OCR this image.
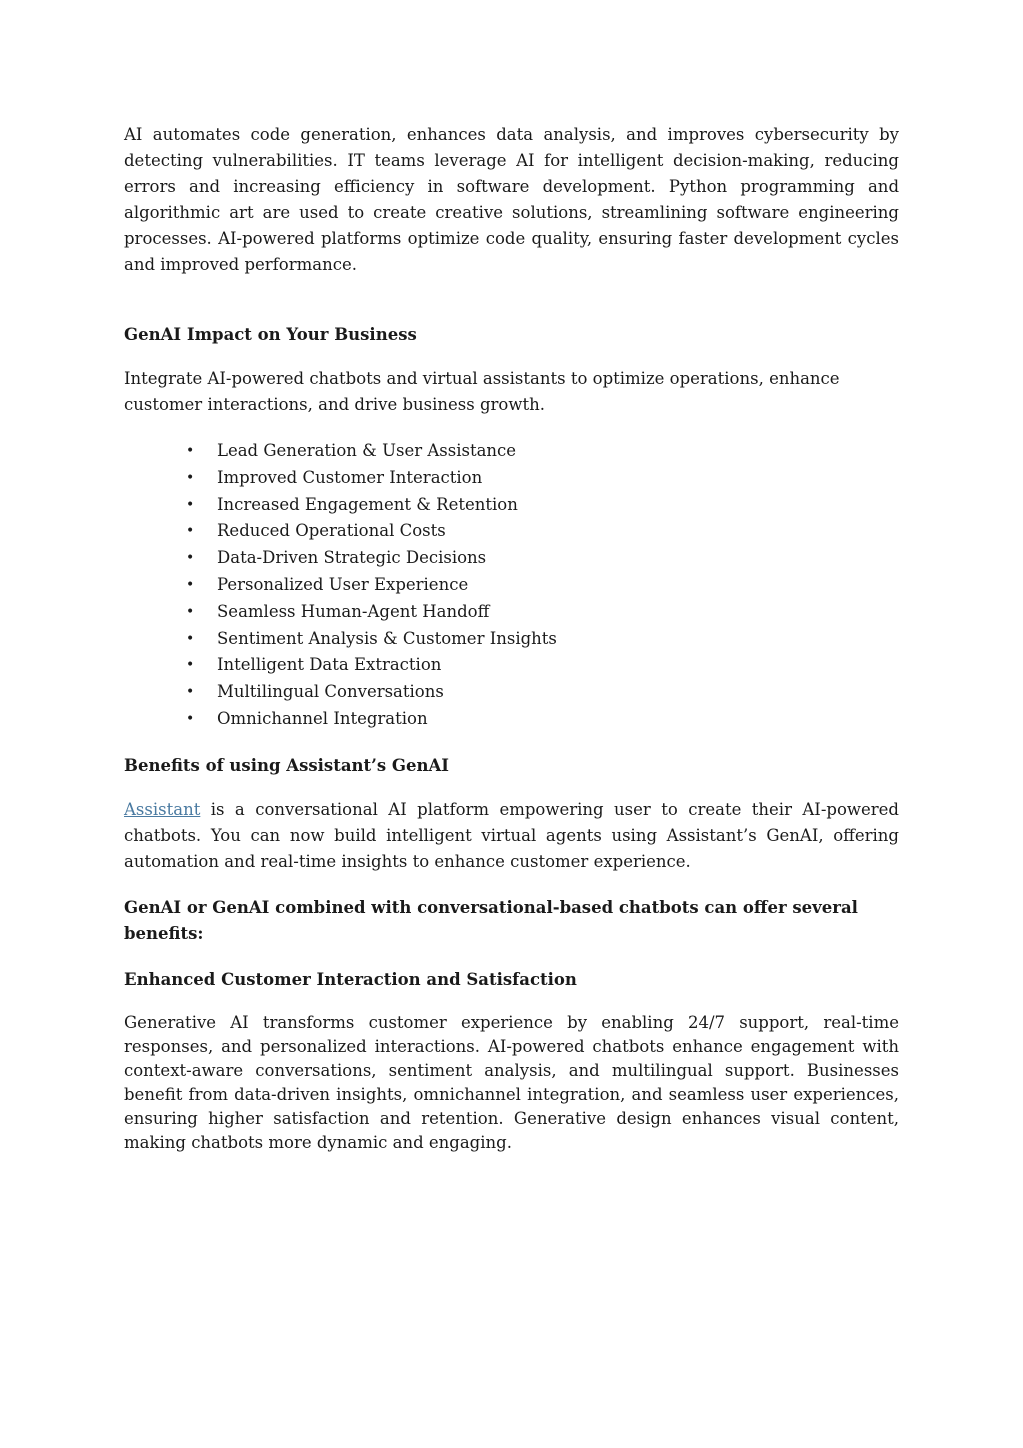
AI automates code generation, enhances data analysis, and improves cybersecurity by detecting vulnerabilities. IT teams leverage AI for intelligent decision-making, reducing errors and increasing efficiency in software development. Python programming and algorithmic art are used to create creative solutions, streamlining software engineering processes. AI-powered platforms optimize code quality, ensuring faster development cycles and improved performance.

GenAI Impact on Your Business

Integrate AI-powered chatbots and virtual assistants to optimize operations, enhance customer interactions, and drive business growth.

• Lead Generation & User Assistance
• Improved Customer Interaction
• Increased Engagement & Retention
• Reduced Operational Costs
• Data-Driven Strategic Decisions
• Personalized User Experience
• Seamless Human-Agent Handoff
• Sentiment Analysis & Customer Insights
• Intelligent Data Extraction
• Multilingual Conversations
• Omnichannel Integration
Benefits of using Assistant’s GenAI

Assistant is a conversational AI platform empowering user to create their AI-powered chatbots. You can now build intelligent virtual agents using Assistant’s GenAI, offering automation and real-time insights to enhance customer experience.

GenAI or GenAI combined with conversational-based chatbots can offer several benefits:
Enhanced Customer Interaction and Satisfaction

Generative AI transforms customer experience by enabling 24/7 support, real-time responses, and personalized interactions. AI-powered chatbots enhance engagement with context-aware conversations, sentiment analysis, and multilingual support. Businesses benefit from data-driven insights, omnichannel integration, and seamless user experiences, ensuring higher satisfaction and retention. Generative design enhances visual content, making chatbots more dynamic and engaging.
